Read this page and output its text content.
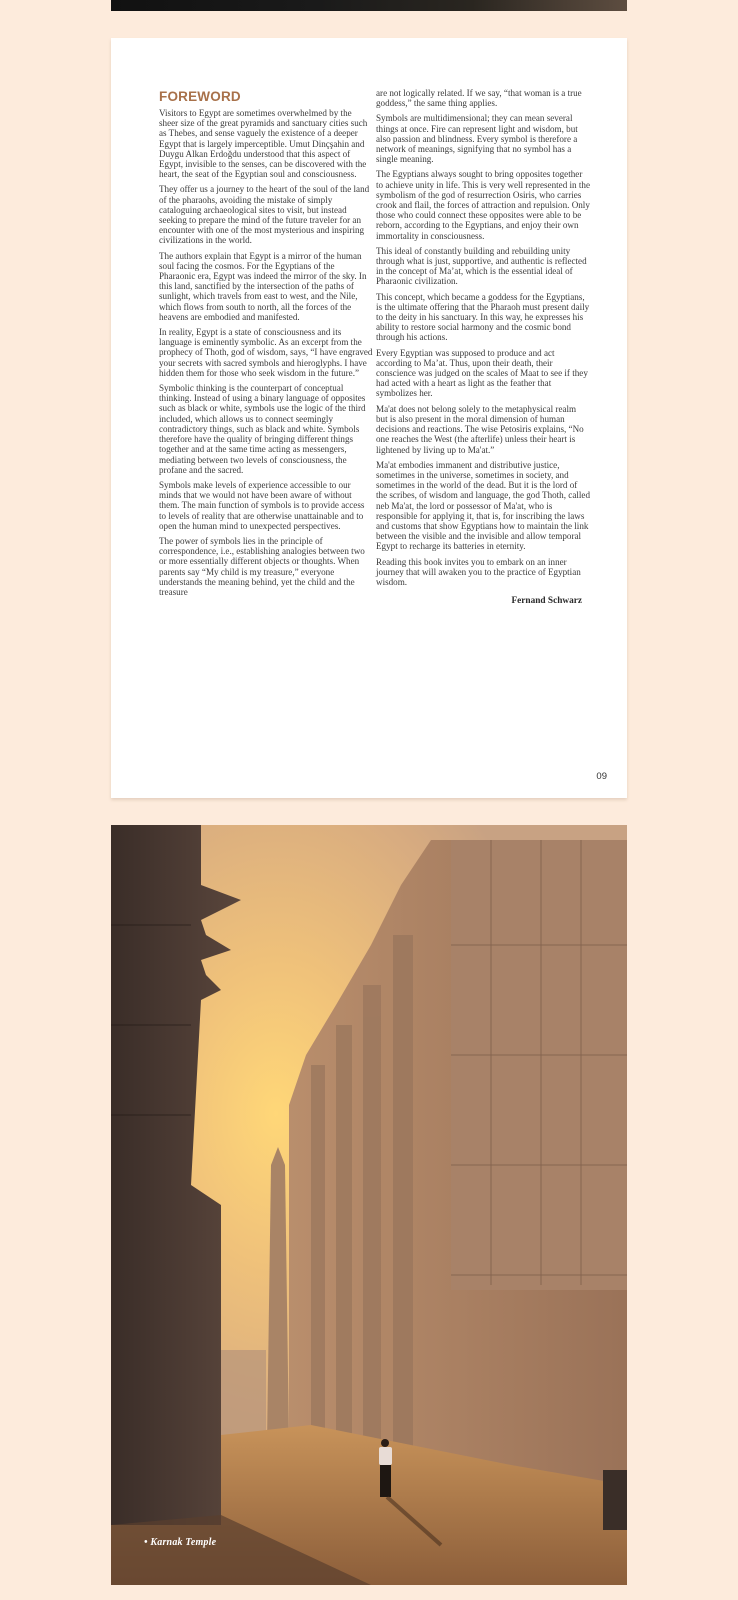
FOREWORD

Visitors to Egypt are sometimes overwhelmed by the sheer size of the great pyramids and sanctuary cities such as Thebes, and sense vaguely the existence of a deeper Egypt that is largely imperceptible. Umut Dinçşahin and Duygu Alkan Erdoğdu understood that this aspect of Egypt, invisible to the senses, can be discovered with the heart, the seat of the Egyptian soul and consciousness.

They offer us a journey to the heart of the soul of the land of the pharaohs, avoiding the mistake of simply cataloguing archaeological sites to visit, but instead seeking to prepare the mind of the future traveler for an encounter with one of the most mysterious and inspiring civilizations in the world.

The authors explain that Egypt is a mirror of the human soul facing the cosmos. For the Egyptians of the Pharaonic era, Egypt was indeed the mirror of the sky. In this land, sanctified by the intersection of the paths of sunlight, which travels from east to west, and the Nile, which flows from south to north, all the forces of the heavens are embodied and manifested.

In reality, Egypt is a state of consciousness and its language is eminently symbolic. As an excerpt from the prophecy of Thoth, god of wisdom, says, “I have engraved your secrets with sacred symbols and hieroglyphs. I have hidden them for those who seek wisdom in the future.”

Symbolic thinking is the counterpart of conceptual thinking. Instead of using a binary language of opposites such as black or white, symbols use the logic of the third included, which allows us to connect seemingly contradictory things, such as black and white. Symbols therefore have the quality of bringing different things together and at the same time acting as messengers, mediating between two levels of consciousness, the profane and the sacred.

Symbols make levels of experience accessible to our minds that we would not have been aware of without them. The main function of symbols is to provide access to levels of reality that are otherwise unattainable and to open the human mind to unexpected perspectives.

The power of symbols lies in the principle of correspondence, i.e., establishing analogies between two or more essentially different objects or thoughts. When parents say “My child is my treasure,” everyone understands the meaning behind, yet the child and the treasure

are not logically related. If we say, “that woman is a true goddess,” the same thing applies.

Symbols are multidimensional; they can mean several things at once. Fire can represent light and wisdom, but also passion and blindness. Every symbol is therefore a network of meanings, signifying that no symbol has a single meaning.

The Egyptians always sought to bring opposites together to achieve unity in life. This is very well represented in the symbolism of the god of resurrection Osiris, who carries crook and flail, the forces of attraction and repulsion. Only those who could connect these opposites were able to be reborn, according to the Egyptians, and enjoy their own immortality in consciousness.

This ideal of constantly building and rebuilding unity through what is just, supportive, and authentic is reflected in the concept of Ma’at, which is the essential ideal of Pharaonic civilization.

This concept, which became a goddess for the Egyptians, is the ultimate offering that the Pharaoh must present daily to the deity in his sanctuary. In this way, he expresses his ability to restore social harmony and the cosmic bond through his actions.

Every Egyptian was supposed to produce and act according to Ma’at. Thus, upon their death, their conscience was judged on the scales of Maat to see if they had acted with a heart as light as the feather that symbolizes her.

Ma'at does not belong solely to the metaphysical realm but is also present in the moral dimension of human decisions and reactions. The wise Petosiris explains, “No one reaches the West (the afterlife) unless their heart is lightened by living up to Ma'at.”

Ma'at embodies immanent and distributive justice, sometimes in the universe, sometimes in society, and sometimes in the world of the dead. But it is the lord of the scribes, of wisdom and language, the god Thoth, called neb Ma'at, the lord or possessor of Ma'at, who is responsible for applying it, that is, for inscribing the laws and customs that show Egyptians how to maintain the link between the visible and the invisible and allow temporal Egypt to recharge its batteries in eternity.

Reading this book invites you to embark on an inner journey that will awaken you to the practice of Egyptian wisdom.

Fernand Schwarz
09
• Karnak Temple
